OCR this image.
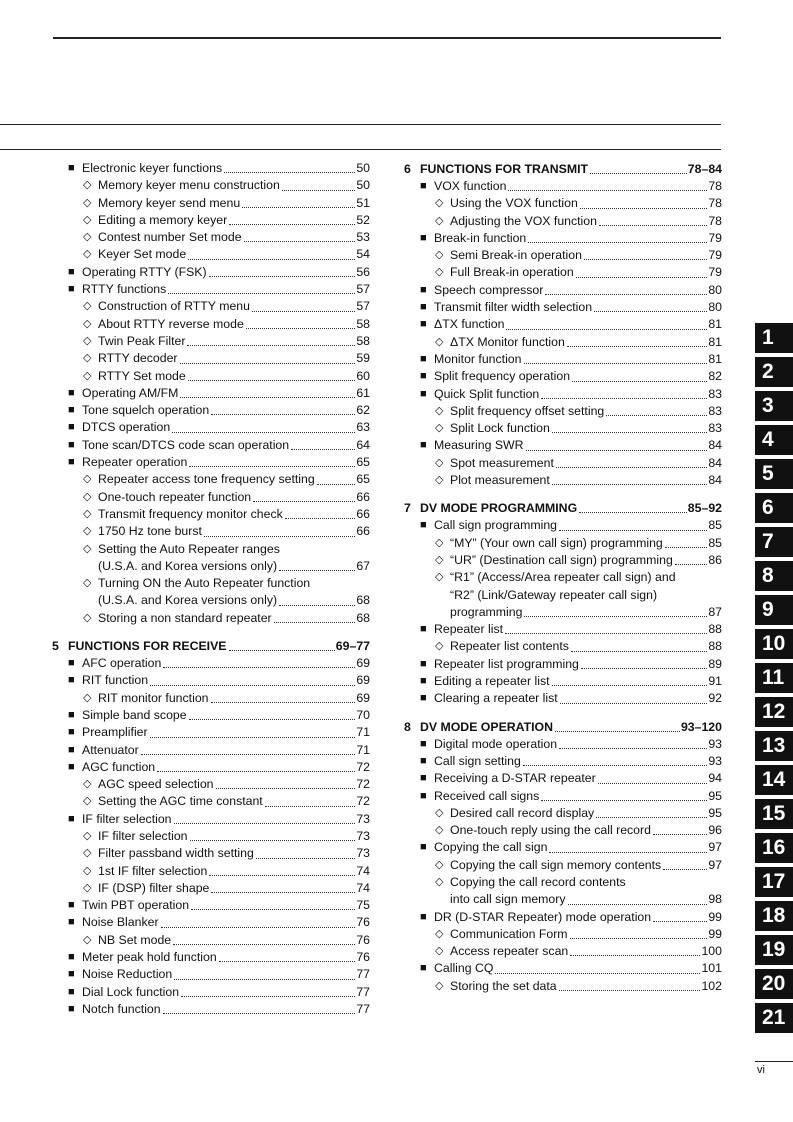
■ Electronic keyer functions	50
◇ Memory keyer menu construction	50
◇ Memory keyer send menu	51
◇ Editing a memory keyer	52
◇ Contest number Set mode	53
◇ Keyer Set mode	54
■ Operating RTTY (FSK)	56
■ RTTY functions	57
◇ Construction of RTTY menu	57
◇ About RTTY reverse mode	58
◇ Twin Peak Filter	58
◇ RTTY decoder	59
◇ RTTY Set mode	60
■ Operating AM/FM	61
■ Tone squelch operation	62
■ DTCS operation	63
■ Tone scan/DTCS code scan operation	64
■ Repeater operation	65
◇ Repeater access tone frequency setting	65
◇ One-touch repeater function	66
◇ Transmit frequency monitor check	66
◇ 1750 Hz tone burst	66
◇ Setting the Auto Repeater ranges
(U.S.A. and Korea versions only)	67
◇ Turning ON the Auto Repeater function
(U.S.A. and Korea versions only)	68
◇ Storing a non standard repeater	68
5 FUNCTIONS FOR RECEIVE	69–77
■ AFC operation	69
■ RIT function	69
◇ RIT monitor function	69
■ Simple band scope	70
■ Preamplifier	71
■ Attenuator	71
■ AGC function	72
◇ AGC speed selection	72
◇ Setting the AGC time constant	72
■ IF filter selection	73
◇ IF filter selection	73
◇ Filter passband width setting	73
◇ 1st IF filter selection	74
◇ IF (DSP) filter shape	74
■ Twin PBT operation	75
■ Noise Blanker	76
◇ NB Set mode	76
■ Meter peak hold function	76
■ Noise Reduction	77
■ Dial Lock function	77
■ Notch function	77
6 FUNCTIONS FOR TRANSMIT	78–84
■ VOX function	78
◇ Using the VOX function	78
◇ Adjusting the VOX function	78
■ Break-in function	79
◇ Semi Break-in operation	79
◇ Full Break-in operation	79
■ Speech compressor	80
■ Transmit filter width selection	80
■ ΔTX function	81
◇ ΔTX Monitor function	81
■ Monitor function	81
■ Split frequency operation	82
■ Quick Split function	83
◇ Split frequency offset setting	83
◇ Split Lock function	83
■ Measuring SWR	84
◇ Spot measurement	84
◇ Plot measurement	84
7 DV MODE PROGRAMMING	85–92
■ Call sign programming	85
◇ “MY” (Your own call sign) programming	85
◇ “UR” (Destination call sign) programming	86
◇ “R1” (Access/Area repeater call sign) and
“R2” (Link/Gateway repeater call sign)
programming	87
■ Repeater list	88
◇ Repeater list contents	88
■ Repeater list programming	89
■ Editing a repeater list	91
■ Clearing a repeater list	92
8 DV MODE OPERATION	93–120
■ Digital mode operation	93
■ Call sign setting	93
■ Receiving a D-STAR repeater	94
■ Received call signs	95
◇ Desired call record display	95
◇ One-touch reply using the call record	96
■ Copying the call sign	97
◇ Copying the call sign memory contents	97
◇ Copying the call record contents
into call sign memory	98
■ DR (D-STAR Repeater) mode operation	99
◇ Communication Form	99
◇ Access repeater scan	100
■ Calling CQ	101
◇ Storing the set data	102
1
2
3
4
5
6
7
8
9
10
11
12
13
14
15
16
17
18
19
20
21
vi
